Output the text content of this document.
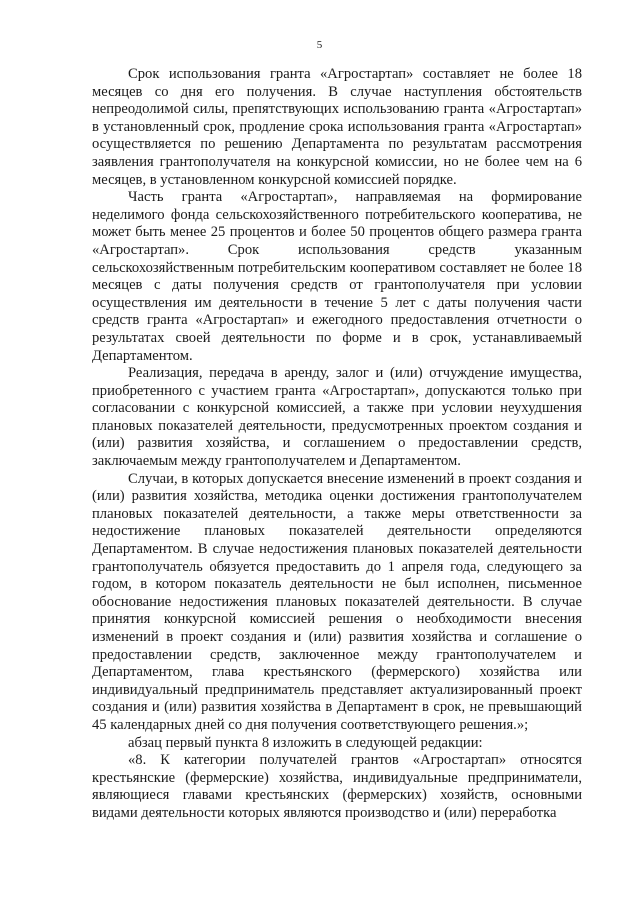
5

Срок использования гранта «Агростартап» составляет не более 18 месяцев со дня его получения. В случае наступления обстоятельств непреодолимой силы, препятствующих использованию гранта «Агростартап» в установленный срок, продление срока использования гранта «Агростартап» осуществляется по решению Департамента по результатам рассмотрения заявления грантополучателя на конкурсной комиссии, но не более чем на 6 месяцев, в установленном конкурсной комиссией порядке.

Часть гранта «Агростартап», направляемая на формирование неделимого фонда сельскохозяйственного потребительского кооператива, не может быть менее 25 процентов и более 50 процентов общего размера гранта «Агростартап». Срок использования средств указанным сельскохозяйственным потребительским кооперативом составляет не более 18 месяцев с даты получения средств от грантополучателя при условии осуществления им деятельности в течение 5 лет с даты получения части средств гранта «Агростартап» и ежегодного предоставления отчетности о результатах своей деятельности по форме и в срок, устанавливаемый Департаментом.

Реализация, передача в аренду, залог и (или) отчуждение имущества, приобретенного с участием гранта «Агростартап», допускаются только при согласовании с конкурсной комиссией, а также при условии неухудшения плановых показателей деятельности, предусмотренных проектом создания и (или) развития хозяйства, и соглашением о предоставлении средств, заключаемым между грантополучателем и Департаментом.

Случаи, в которых допускается внесение изменений в проект создания и (или) развития хозяйства, методика оценки достижения грантополучателем плановых показателей деятельности, а также меры ответственности за недостижение плановых показателей деятельности определяются Департаментом. В случае недостижения плановых показателей деятельности грантополучатель обязуется предоставить до 1 апреля года, следующего за годом, в котором показатель деятельности не был исполнен, письменное обоснование недостижения плановых показателей деятельности. В случае принятия конкурсной комиссией решения о необходимости внесения изменений в проект создания и (или) развития хозяйства и соглашение о предоставлении средств, заключенное между грантополучателем и Департаментом, глава крестьянского (фермерского) хозяйства или индивидуальный предприниматель представляет актуализированный проект создания и (или) развития хозяйства в Департамент в срок, не превышающий 45 календарных дней со дня получения соответствующего решения.»;

абзац первый пункта 8 изложить в следующей редакции:

«8. К категории получателей грантов «Агростартап» относятся крестьянские (фермерские) хозяйства, индивидуальные предприниматели, являющиеся главами крестьянских (фермерских) хозяйств, основными видами деятельности которых являются производство и (или) переработка
